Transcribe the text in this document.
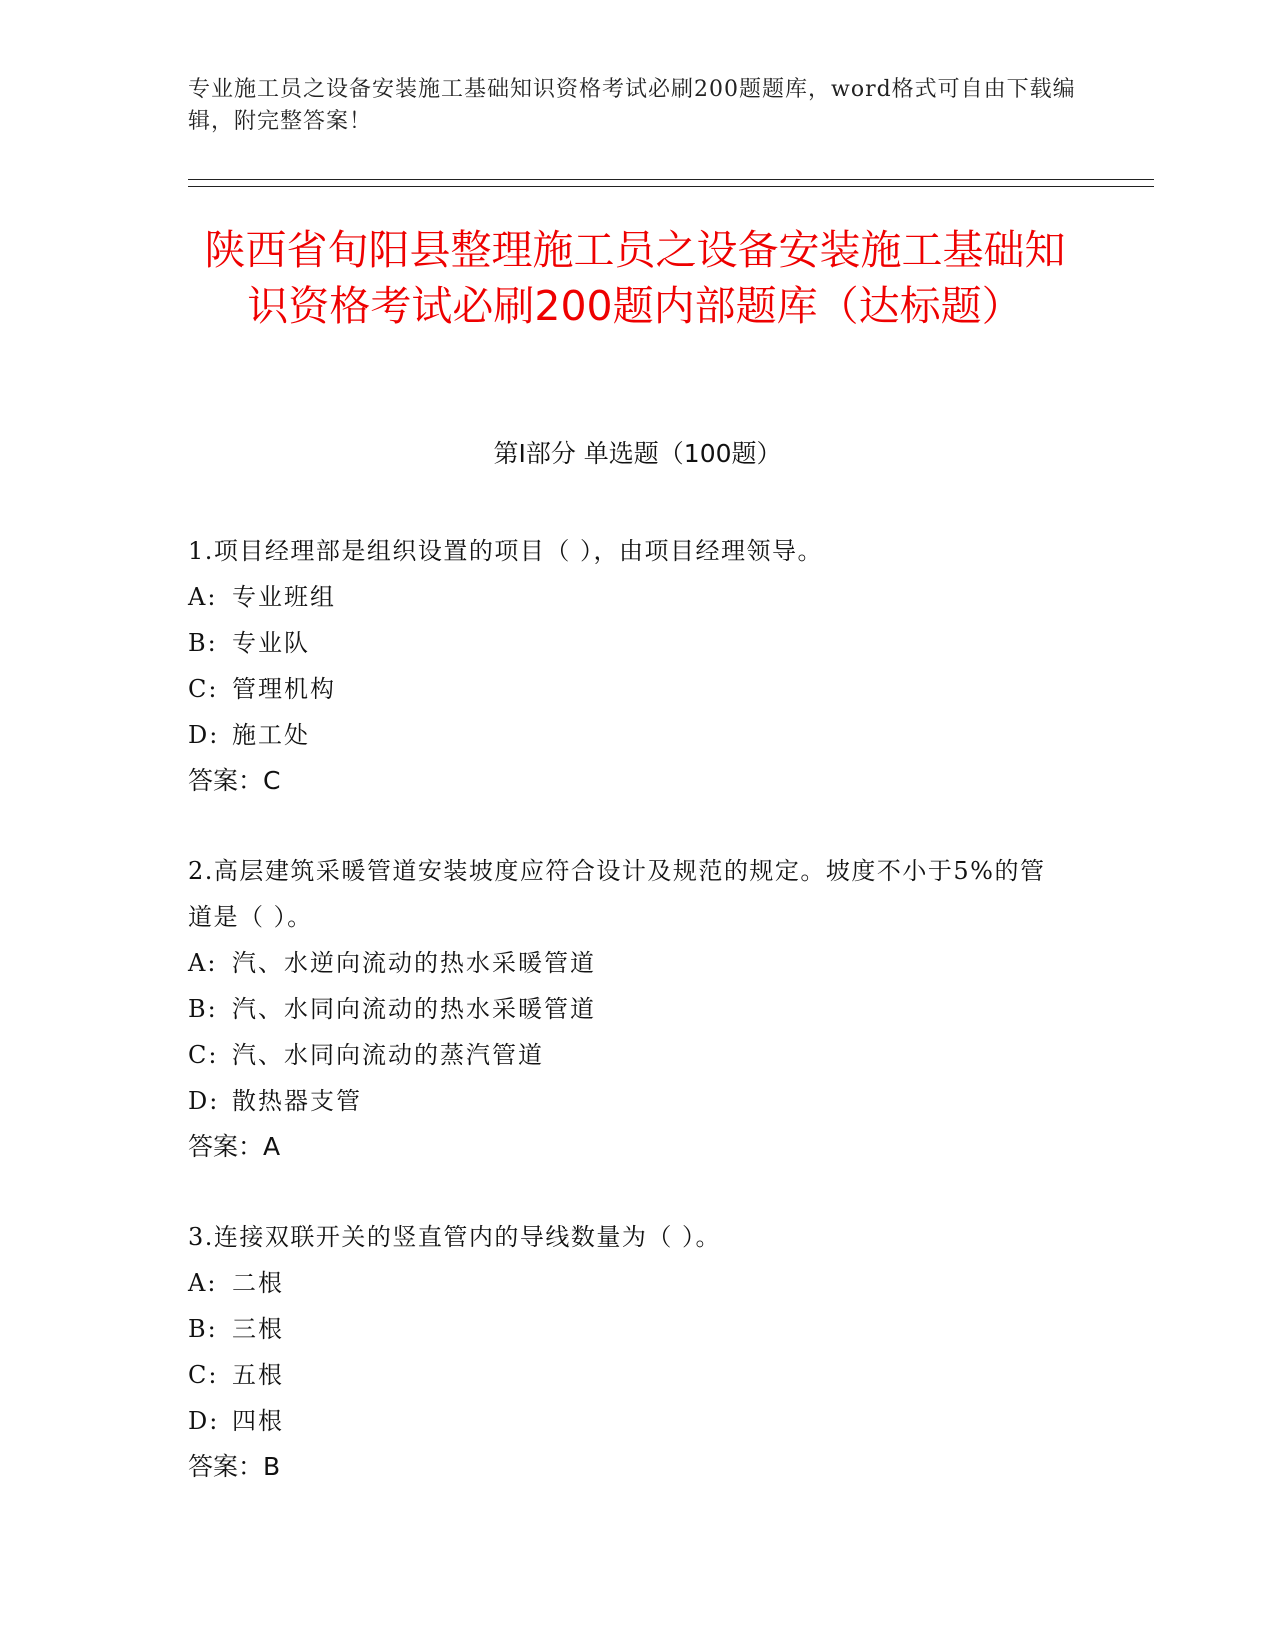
专业施工员之设备安装施工基础知识资格考试必刷200题题库，word格式可自由下载编辑，附完整答案！
陕西省旬阳县整理施工员之设备安装施工基础知识资格考试必刷200题内部题库（达标题）
第Ⅰ部分 单选题（100题）
1.项目经理部是组织设置的项目（ ），由项目经理领导。
A: 专业班组
B: 专业队
C: 管理机构
D: 施工处
答案：C
2.高层建筑采暖管道安装坡度应符合设计及规范的规定。坡度不小于5%的管道是（ ）。
A: 汽、水逆向流动的热水采暖管道
B: 汽、水同向流动的热水采暖管道
C: 汽、水同向流动的蒸汽管道
D: 散热器支管
答案：A
3.连接双联开关的竖直管内的导线数量为（ ）。
A: 二根
B: 三根
C: 五根
D: 四根
答案：B
